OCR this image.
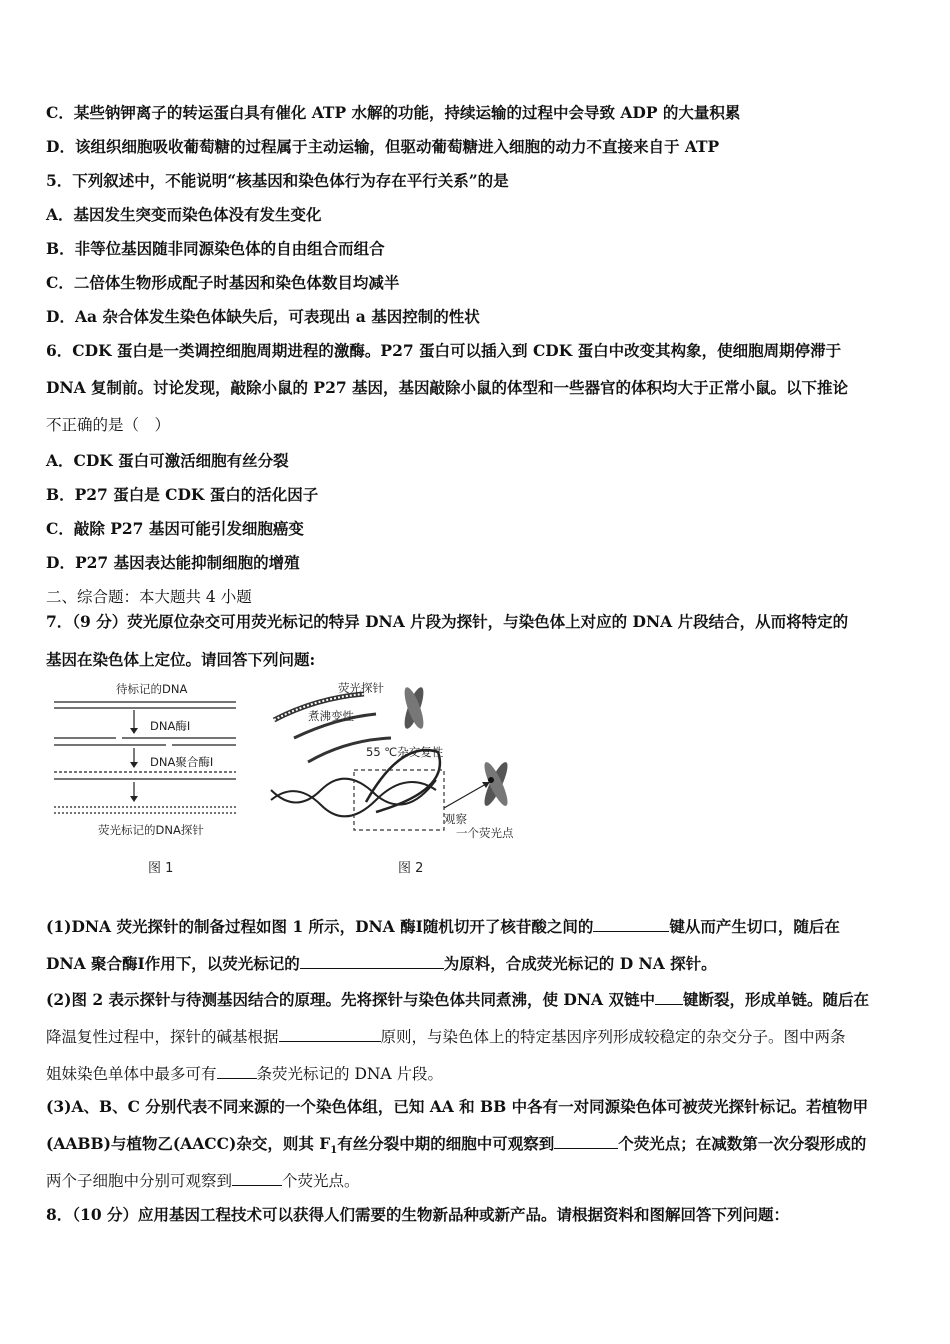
C．某些钠钾离子的转运蛋白具有催化 ATP 水解的功能，持续运输的过程中会导致 ADP 的大量积累
D．该组织细胞吸收葡萄糖的过程属于主动运输，但驱动葡萄糖进入细胞的动力不直接来自于 ATP
5．下列叙述中，不能说明“核基因和染色体行为存在平行关系”的是
A．基因发生突变而染色体没有发生变化
B．非等位基因随非同源染色体的自由组合而组合
C．二倍体生物形成配子时基因和染色体数目均减半
D．Aa 杂合体发生染色体缺失后，可表现出 a 基因控制的性状
6．CDK 蛋白是一类调控细胞周期进程的激酶。P27 蛋白可以插入到 CDK 蛋白中改变其构象，使细胞周期停滞于
DNA 复制前。讨论发现，敲除小鼠的 P27 基因，基因敲除小鼠的体型和一些器官的体积均大于正常小鼠。以下推论
不正确的是（　）
A．CDK 蛋白可激活细胞有丝分裂
B．P27 蛋白是 CDK 蛋白的活化因子
C．敲除 P27 基因可能引发细胞癌变
D．P27 基因表达能抑制细胞的增殖
二、综合题：本大题共 4 小题
7．（9 分）荧光原位杂交可用荧光标记的特异 DNA 片段为探针，与染色体上对应的 DNA 片段结合，从而将特定的
基因在染色体上定位。请回答下列问题:
待标记的DNA
DNA酶Ⅰ
DNA聚合酶Ⅰ
荧光标记的DNA探针
图 1
荧光探针
煮沸变性
55 ℃杂交复性
观察
一个荧光点
图 2
(1)DNA 荧光探针的制备过程如图 1 所示，DNA 酶Ⅰ随机切开了核苷酸之间的	键从而产生切口，随后在
DNA 聚合酶Ⅰ作用下，以荧光标记的	为原料，合成荧光标记的 D NA 探针。
(2)图 2 表示探针与待测基因结合的原理。先将探针与染色体共同煮沸，使 DNA 双链中 键断裂，形成单链。随后在
降温复性过程中，探针的碱基根据	原则，与染色体上的特定基因序列形成较稳定的杂交分子。图中两条
姐妹染色单体中最多可有	条荧光标记的 DNA 片段。
(3)A、B、C 分别代表不同来源的一个染色体组，已知 AA 和 BB 中各有一对同源染色体可被荧光探针标记。若植物甲
(AABB)与植物乙(AACC)杂交，则其 $F_1$有丝分裂中期的细胞中可观察到	个荧光点；在减数第一次分裂形成的
两个子细胞中分别可观察到	个荧光点。
8．（10 分）应用基因工程技术可以获得人们需要的生物新品种或新产品。请根据资料和图解回答下列问题：
